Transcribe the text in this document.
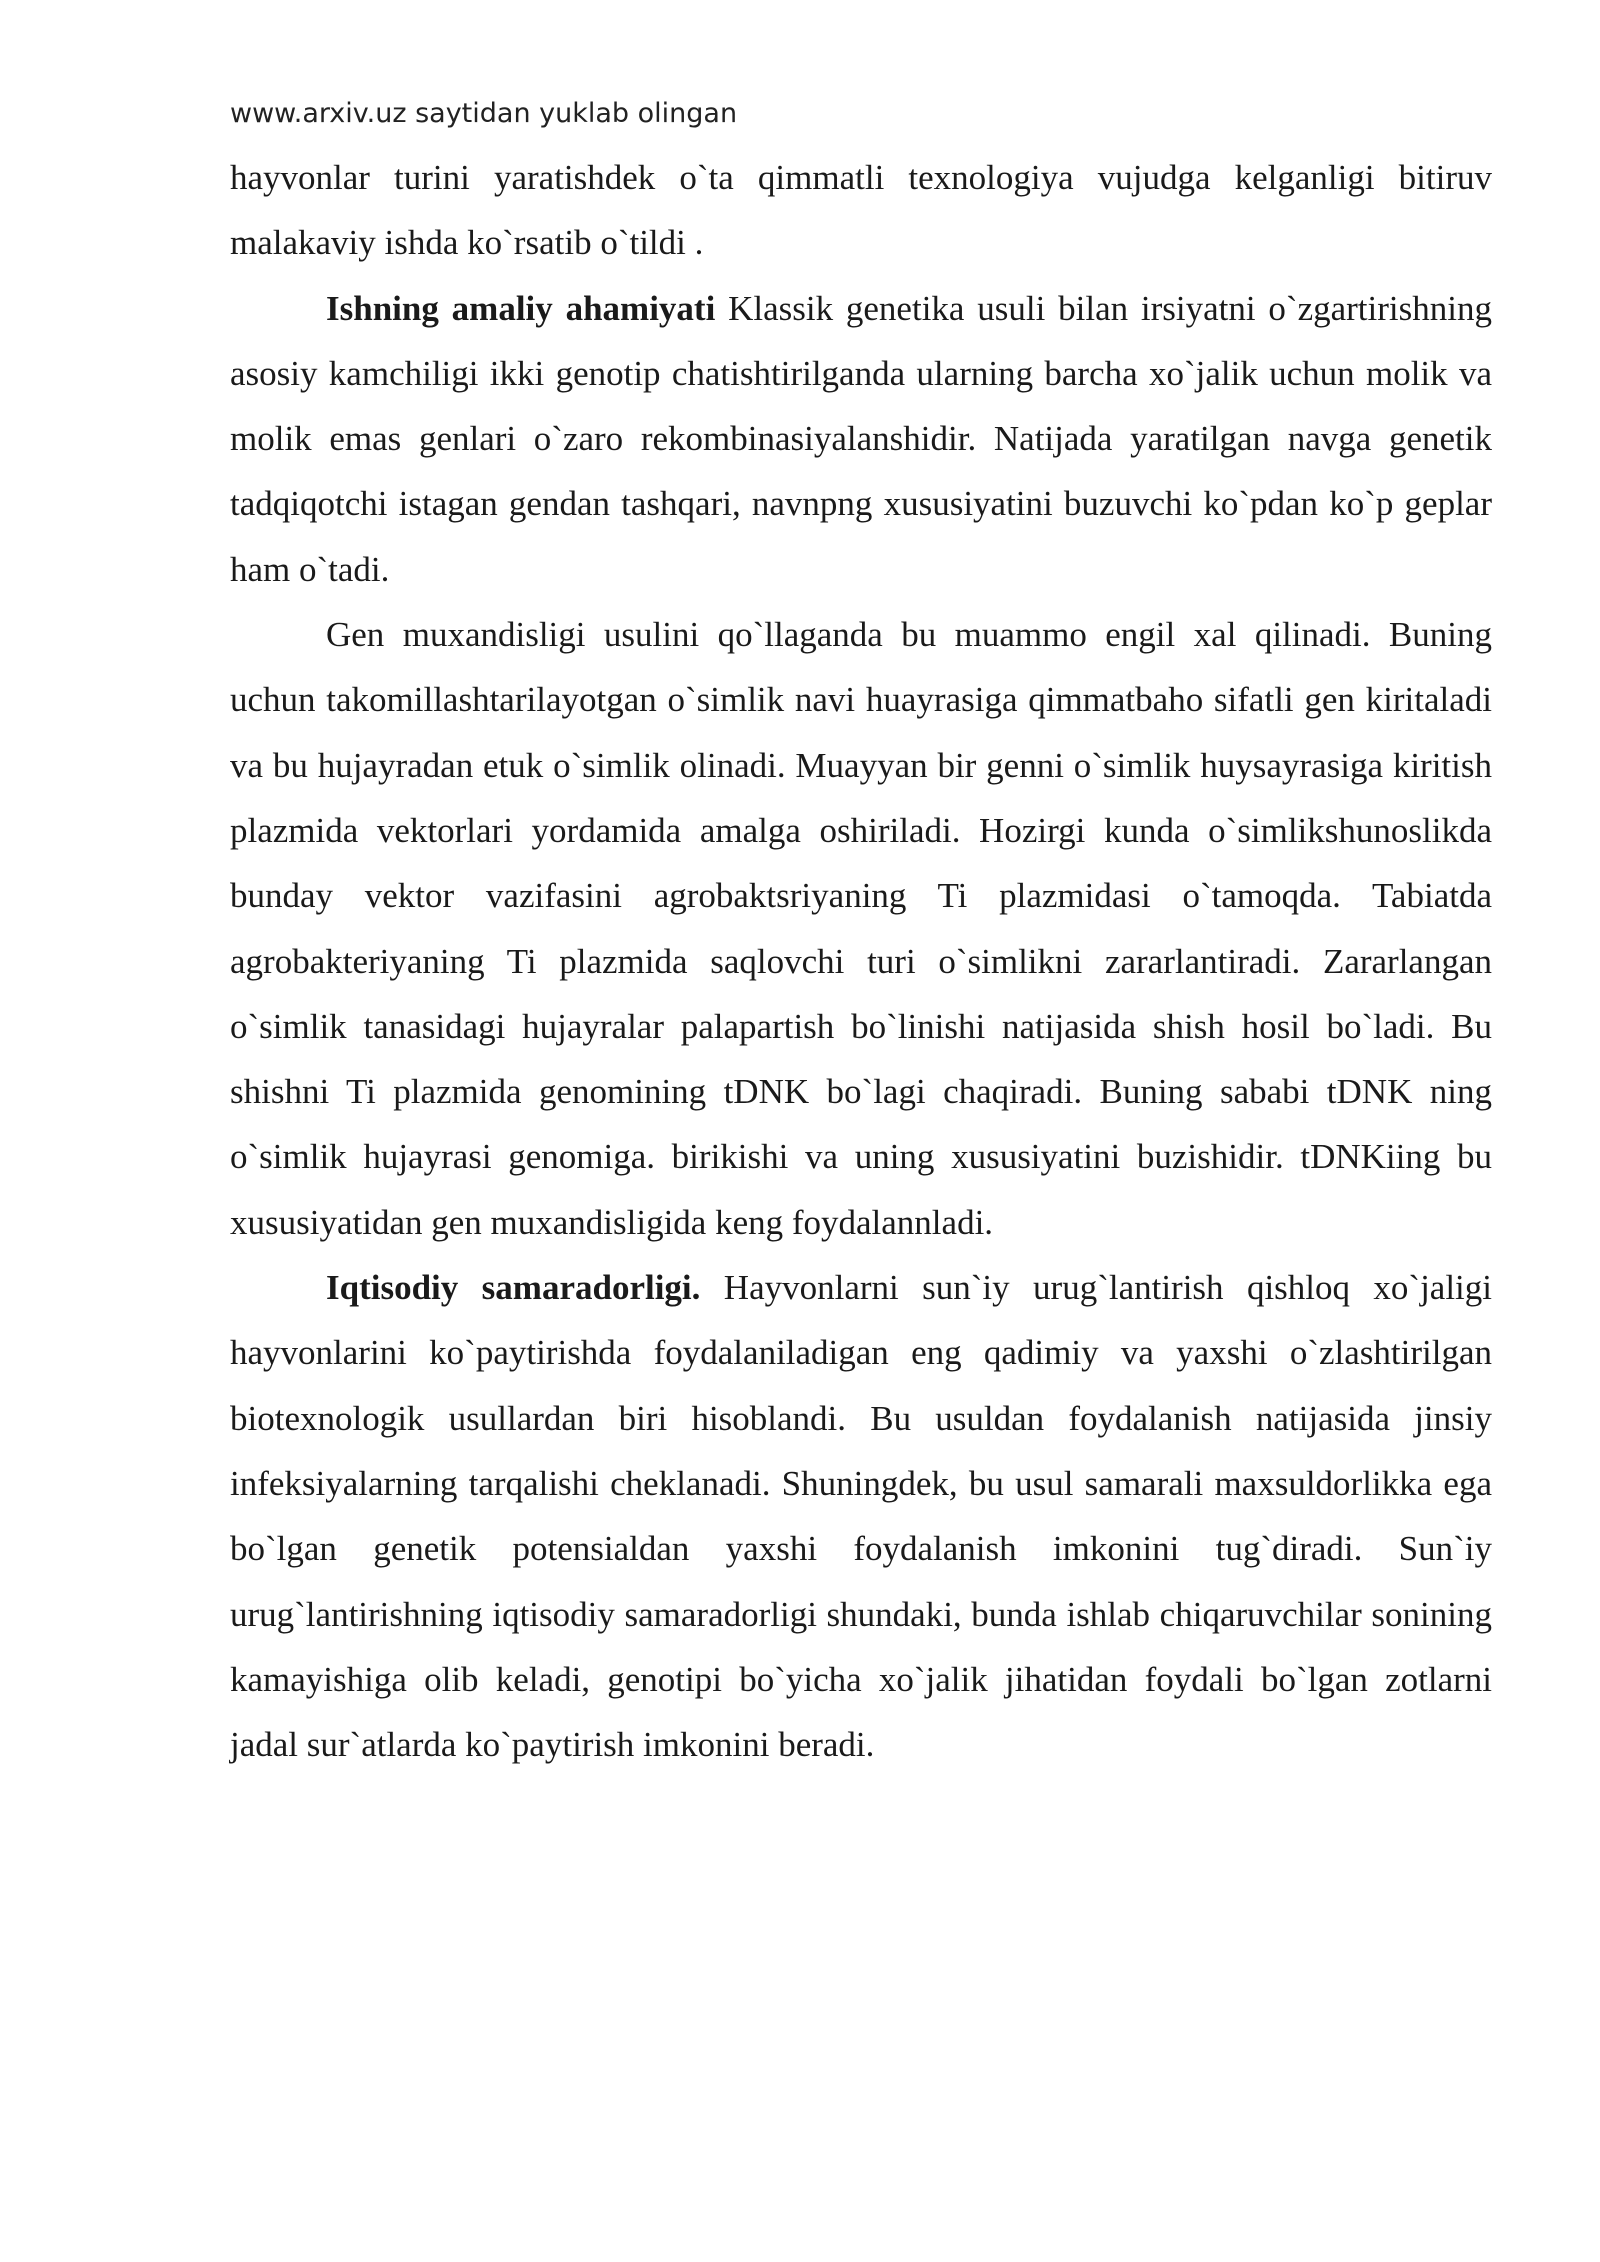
www.arxiv.uz saytidan yuklab olingan

hayvonlar turini yaratishdek o`ta qimmatli texnologiya vujudga kelganligi bitiruv malakaviy ishda ko`rsatib o`tildi .

Ishning amaliy ahamiyati Klassik genetika usuli bilan irsiyatni o`zgartirishning asosiy kamchiligi ikki genotip chatishtirilganda ularning barcha xo`jalik uchun molik va molik emas genlari o`zaro rekombinasiyalanshidir. Natijada yaratilgan navga genetik tadqiqotchi istagan gendan tashqari, navnpng xususiyatini buzuvchi ko`pdan ko`p geplar ham o`tadi.

Gen muxandisligi usulini qo`llaganda bu muammo engil xal qilinadi. Buning uchun takomillashtarilayotgan o`simlik navi huayrasiga qimmatbaho sifatli gen kiritaladi va bu hujayradan etuk o`simlik olinadi. Muayyan bir genni o`simlik huysayrasiga kiritish plazmida vektorlari yordamida amalga oshiriladi. Hozirgi kunda o`simlikshunoslikda bunday vektor vazifasini agrobaktsriyaning Ti plazmidasi o`tamoqda. Tabiatda agrobakteriyaning Ti plazmida saqlovchi turi o`simlikni zararlantiradi. Zararlangan o`simlik tanasidagi hujayralar palapartish bo`linishi natijasida shish hosil bo`ladi. Bu shishni Ti plazmida genomining tDNK bo`lagi chaqiradi. Buning sababi tDNK ning o`simlik hujayrasi genomiga. birikishi va uning xususiyatini buzishidir. tDNKiing bu xususiyatidan gen muxandisligida keng foydalannladi.

Iqtisodiy samaradorligi. Hayvonlarni sun`iy urug`lantirish qishloq xo`jaligi hayvonlarini ko`paytirishda foydalaniladigan eng qadimiy va yaxshi o`zlashtirilgan biotexnologik usullardan biri hisoblandi. Bu usuldan foydalanish natijasida jinsiy infeksiyalarning tarqalishi cheklanadi. Shuningdek, bu usul samarali maxsuldorlikka ega bo`lgan genetik potensialdan yaxshi foydalanish imkonini tug`diradi. Sun`iy urug`lantirishning iqtisodiy samaradorligi shundaki, bunda ishlab chiqaruvchilar sonining kamayishiga olib keladi, genotipi bo`yicha xo`jalik jihatidan foydali bo`lgan zotlarni jadal sur`atlarda ko`paytirish imkonini beradi.
